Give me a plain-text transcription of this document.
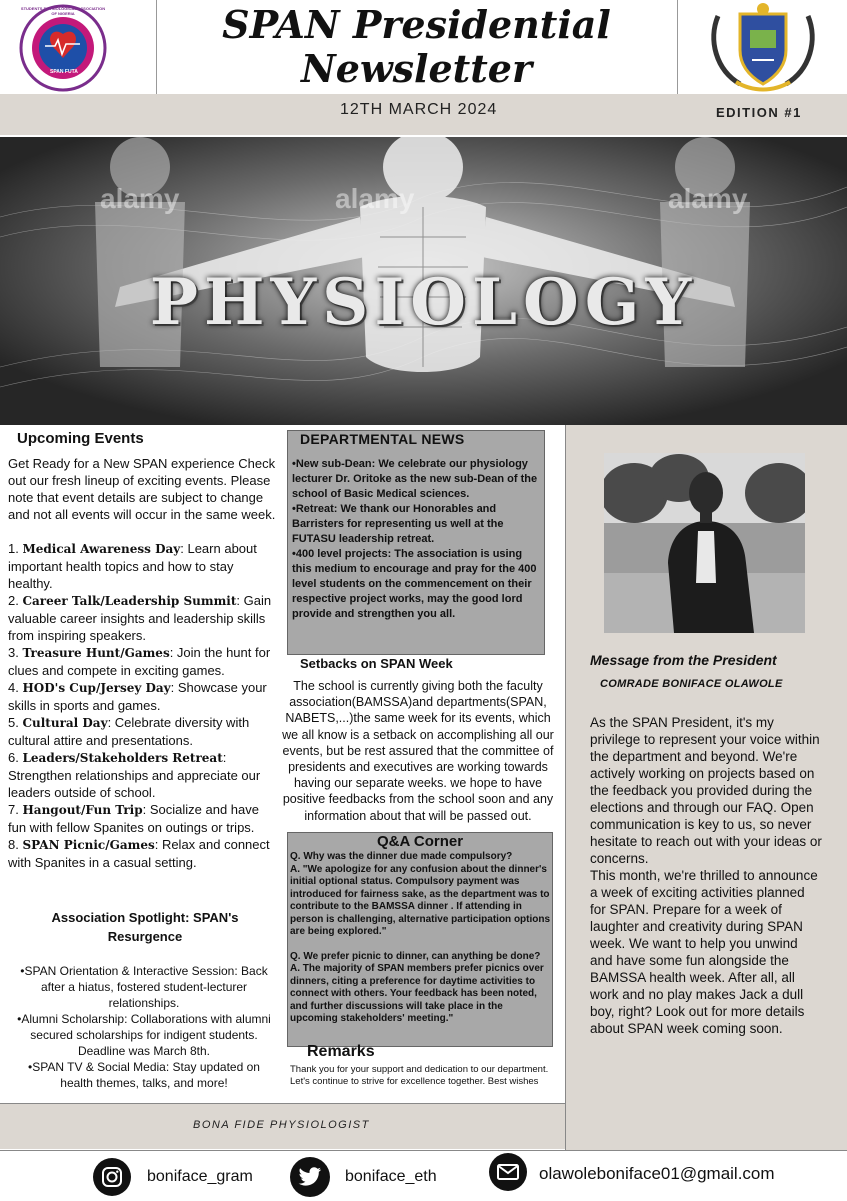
STUDENTS PHYSIOLOGICAL ASSOCIATION OF NIGERIA
SPAN FUTA
SPAN Presidential Newsletter
12TH MARCH 2024	EDITION #1
alamy	alamy	alamy
PHYSIOLOGY
Upcoming Events

Get Ready for a New SPAN experience Check out our fresh lineup of exciting events. Please note that event details are subject to change and not all events will occur in the same week.

1. Medical Awareness Day: Learn about important health topics and how to stay healthy.

2. Career Talk/Leadership Summit: Gain valuable career insights and leadership skills from inspiring speakers.

3. Treasure Hunt/Games: Join the hunt for clues and compete in exciting games.

4. HOD's Cup/Jersey Day: Showcase your skills in sports and games.

5. Cultural Day: Celebrate diversity with cultural attire and presentations.

6. Leaders/Stakeholders Retreat: Strengthen relationships and appreciate our leaders outside of school.

7. Hangout/Fun Trip: Socialize and have fun with fellow Spanites on outings or trips.

8. SPAN Picnic/Games: Relax and connect with Spanites in a casual setting.

Association Spotlight: SPAN's Resurgence

•SPAN Orientation & Interactive Session: Back after a hiatus, fostered student-lecturer relationships.

•Alumni Scholarship: Collaborations with alumni secured scholarships for indigent students. Deadline was March 8th.

•SPAN TV & Social Media: Stay updated on health themes, talks, and more!

DEPARTMENTAL NEWS

•New sub-Dean: We celebrate our physiology lecturer Dr. Oritoke as the new sub-Dean of the school of Basic Medical sciences.

•Retreat: We thank our Honorables and Barristers for representing us well at the FUTASU leadership retreat.

•400 level projects: The association is using this medium to encourage and pray for the 400 level students on the commencement on their respective project works, may the good lord provide and strengthen you all.

Setbacks on SPAN Week
The school is currently giving both the faculty association(BAMSSA)and departments(SPAN, NABETS,...)the same week for its events, which we all know is a setback on accomplishing all our events, but be rest assured that the committee of presidents and executives are working towards having our separate weeks. we hope to have positive feedbacks from the school soon and any information about that will be passed out.
Q&A Corner

Q. Why was the dinner due made compulsory?

A. "We apologize for any confusion about the dinner's initial optional status. Compulsory payment was introduced for fairness sake, as the department was to contribute to the BAMSSA dinner . If attending in person is challenging, alternative participation options are being explored."

Q. We prefer picnic to dinner, can anything be done?

A. The majority of SPAN members prefer picnics over dinners, citing a preference for daytime activities to connect with others. Your feedback has been noted, and further discussions will take place in the upcoming stakeholders' meeting."

Remarks
Thank you for your support and dedication to our department. Let's continue to strive for excellence together. Best wishes
Message from the President
COMRADE BONIFACE OLAWOLE

As the SPAN President, it's my privilege to represent your voice within the department and beyond. We're actively working on projects based on the feedback you provided during the elections and through our FAQ. Open communication is key to us, so never hesitate to reach out with your ideas or concerns.

This month, we're thrilled to announce a week of exciting activities planned for SPAN. Prepare for a week of laughter and creativity during SPAN week. We want to help you unwind and have some fun alongside the BAMSSA health week. After all, all work and no play makes Jack a dull boy, right? Look out for more details about SPAN week coming soon.

BONA FIDE PHYSIOLOGIST
boniface_gram	boniface_eth	olawoleboniface01@gmail.com
